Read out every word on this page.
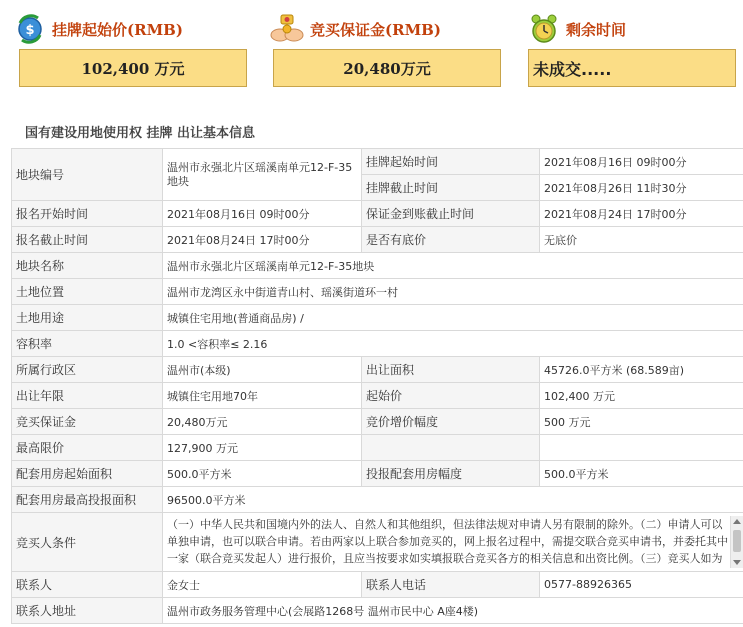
$ 挂牌起始价(RMB)
102,400 万元
竞买保证金(RMB)
20,480万元
剩余时间
未成交.....
国有建设用地使用权 挂牌 出让基本信息
地块编号	温州市永强北片区瑶溪南单元12-F-35地块	挂牌起始时间	2021年08月16日 09时00分
		挂牌截止时间	2021年08月26日 11时30分
报名开始时间	2021年08月16日 09时00分	保证金到账截止时间	2021年08月24日 17时00分
报名截止时间	2021年08月24日 17时00分	是否有底价	无底价
地块名称	温州市永强北片区瑶溪南单元12-F-35地块		
土地位置	温州市龙湾区永中街道青山村、瑶溪街道环一村		
土地用途	城镇住宅用地(普通商品房) /		
容积率	1.0 <容积率≤ 2.16		
所属行政区	温州市(本级)	出让面积	45726.0平方米 (68.589亩)
出让年限	城镇住宅用地70年	起始价	102,400 万元
竞买保证金	20,480万元	竞价增价幅度	500 万元
最高限价	127,900 万元		
配套用房起始面积	500.0平方米	投报配套用房幅度	500.0平方米
配套用房最高投报面积	96500.0平方米		
竞买人条件	（一）中华人民共和国境内外的法人、自然人和其他组织，但法律法规对申请人另有限制的除外。（二）申请人可以单独申请，也可以联合申请。若由两家以上联合参加竞买的，网上报名过程中，需提交联合竞买申请书，并委托其中一家（联合竞买发起人）进行报价，且应当按要求如实填报联合竞买各方的相关信息和出资比例。（三）竞买人如为		

联系人	金女士	联系人电话	0577-88926365
联系人地址	温州市政务服务管理中心(会展路1268号 温州市民中心 A座4楼)		
